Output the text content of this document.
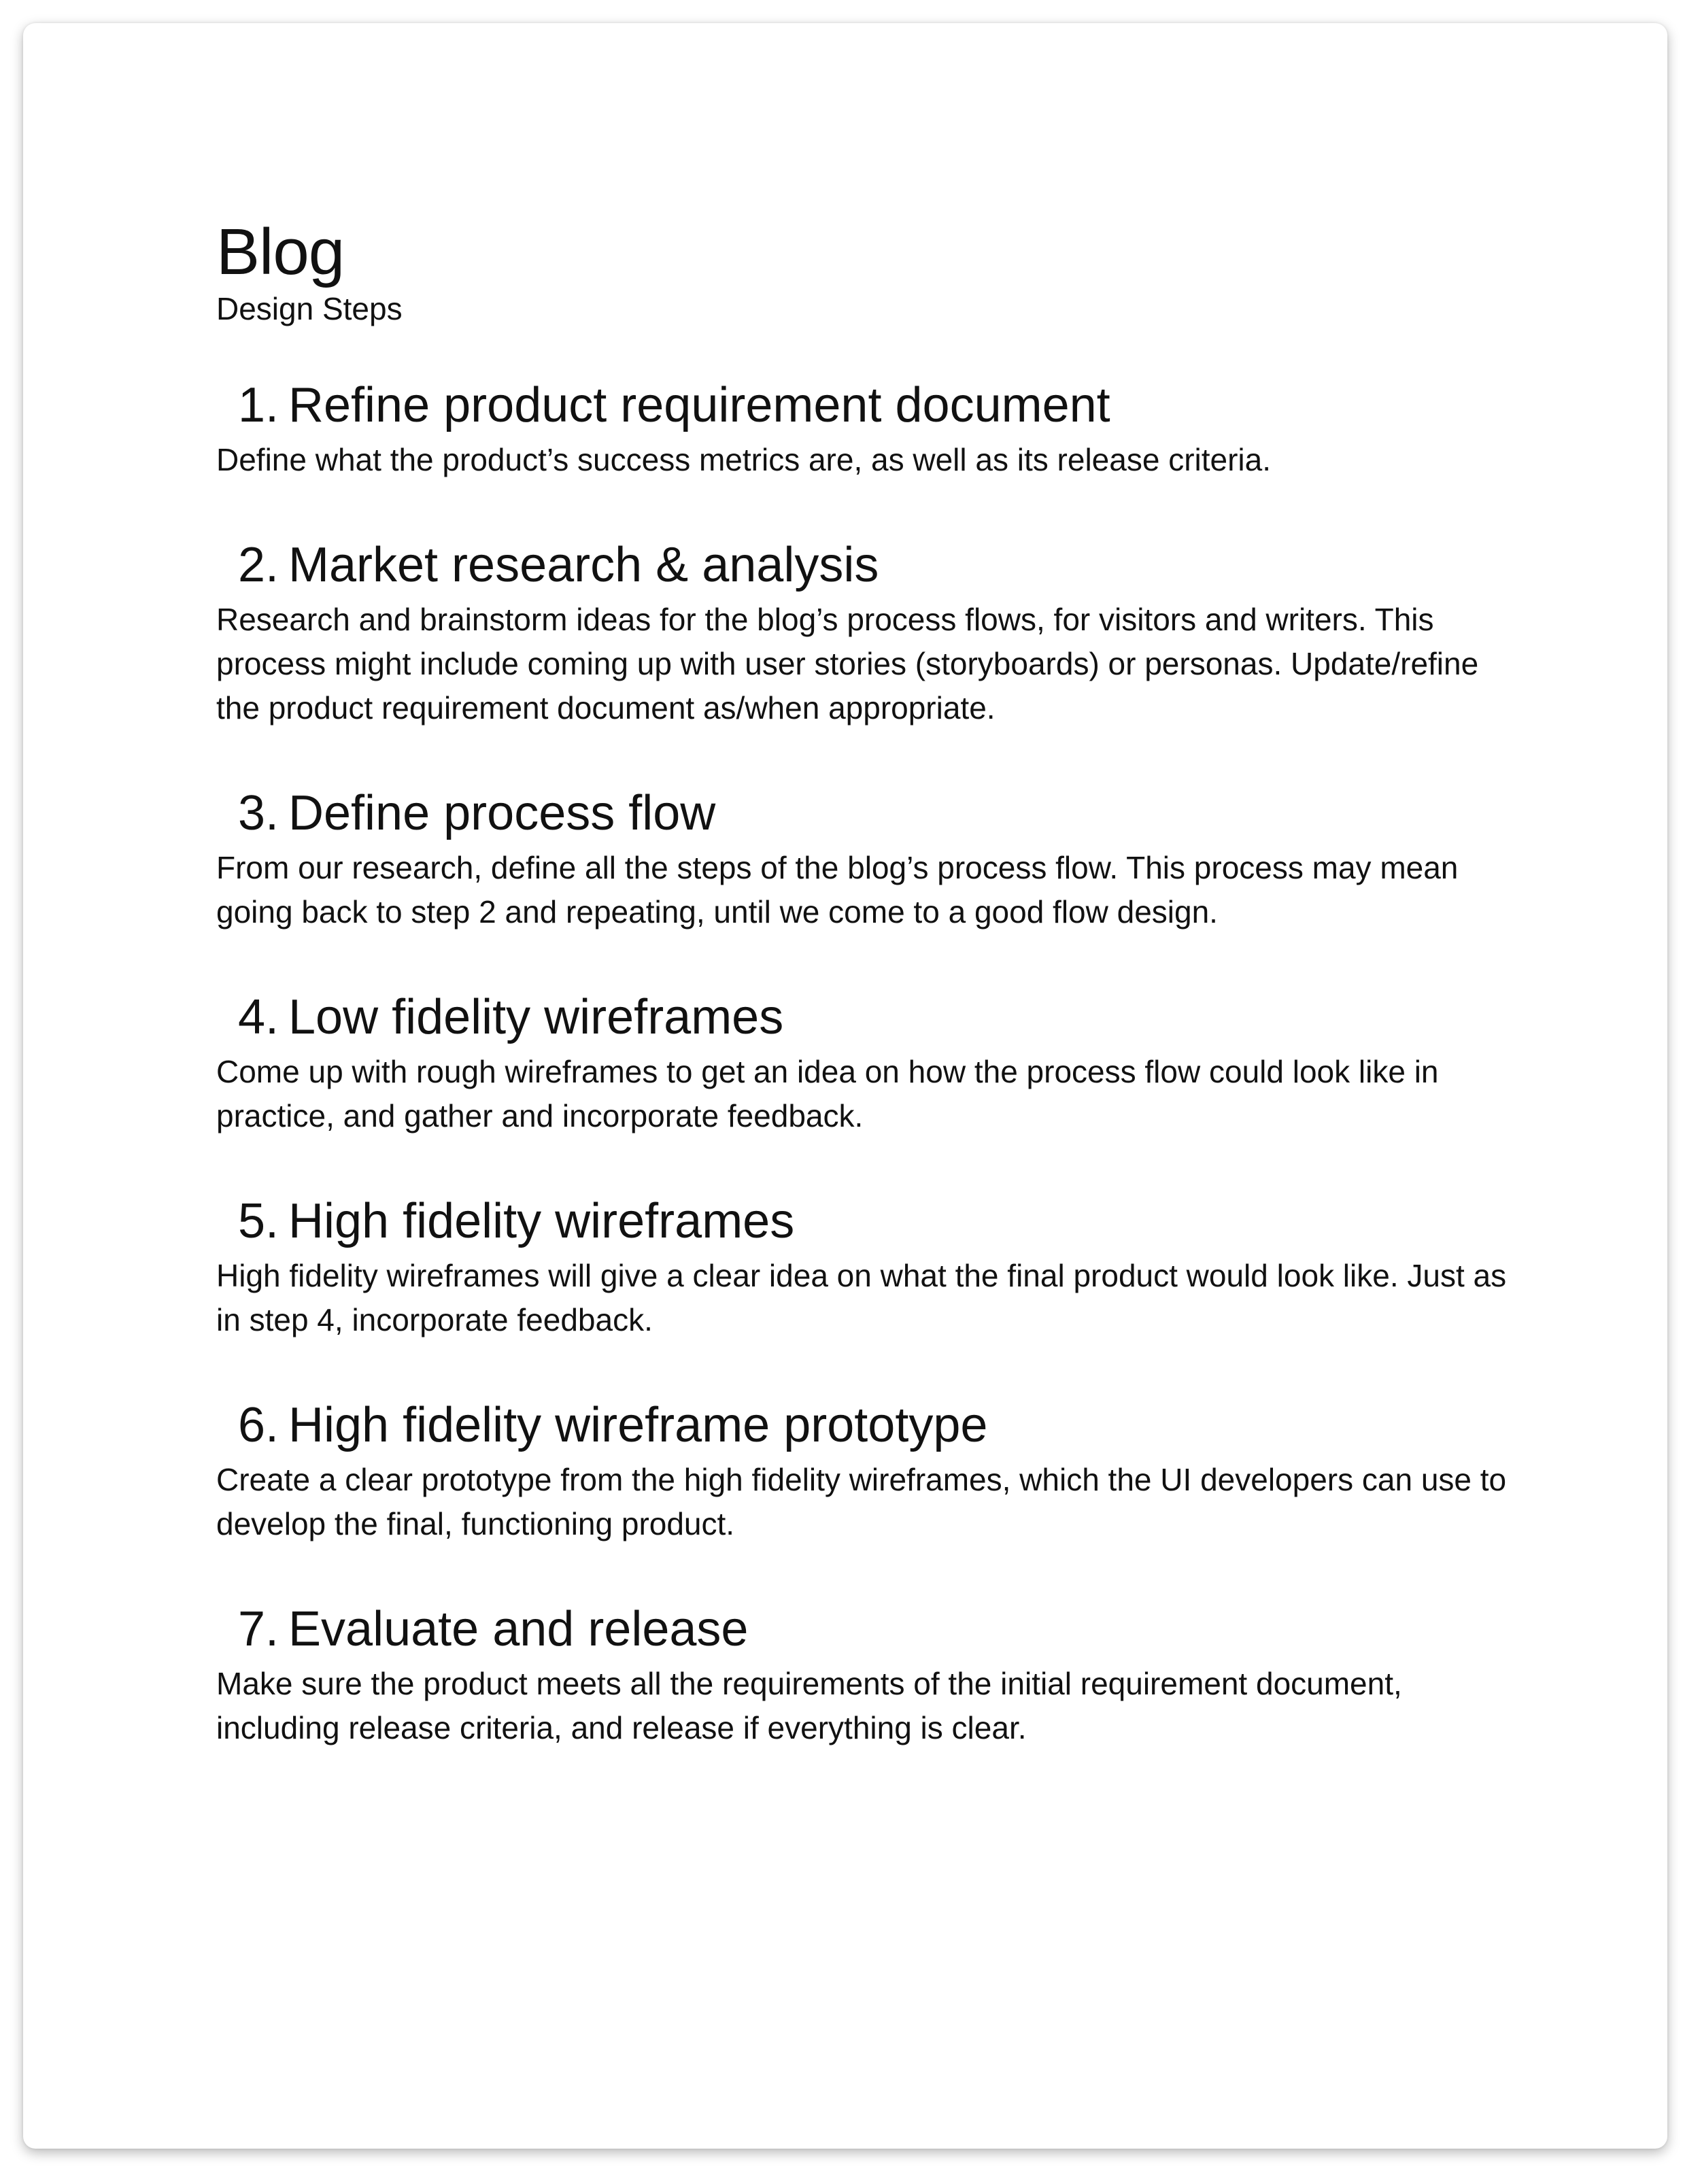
Blog

Design Steps

1. Refine product requirement document

Define what the product’s success metrics are, as well as its release criteria.

2. Market research & analysis

Research and brainstorm ideas for the blog’s process flows, for visitors and writers. This process might include coming up with user stories (storyboards) or personas. Update/refine the product requirement document as/when appropriate.

3. Define process flow

From our research, define all the steps of the blog’s process flow. This process may mean going back to step 2 and repeating, until we come to a good flow design.

4. Low fidelity wireframes

Come up with rough wireframes to get an idea on how the process flow could look like in practice, and gather and incorporate feedback.

5. High fidelity wireframes

High fidelity wireframes will give a clear idea on what the final product would look like. Just as in step 4, incorporate feedback.

6. High fidelity wireframe prototype

Create a clear prototype from the high fidelity wireframes, which the UI developers can use to develop the final, functioning product.

7. Evaluate and release

Make sure the product meets all the requirements of the initial requirement document, including release criteria, and release if everything is clear.
